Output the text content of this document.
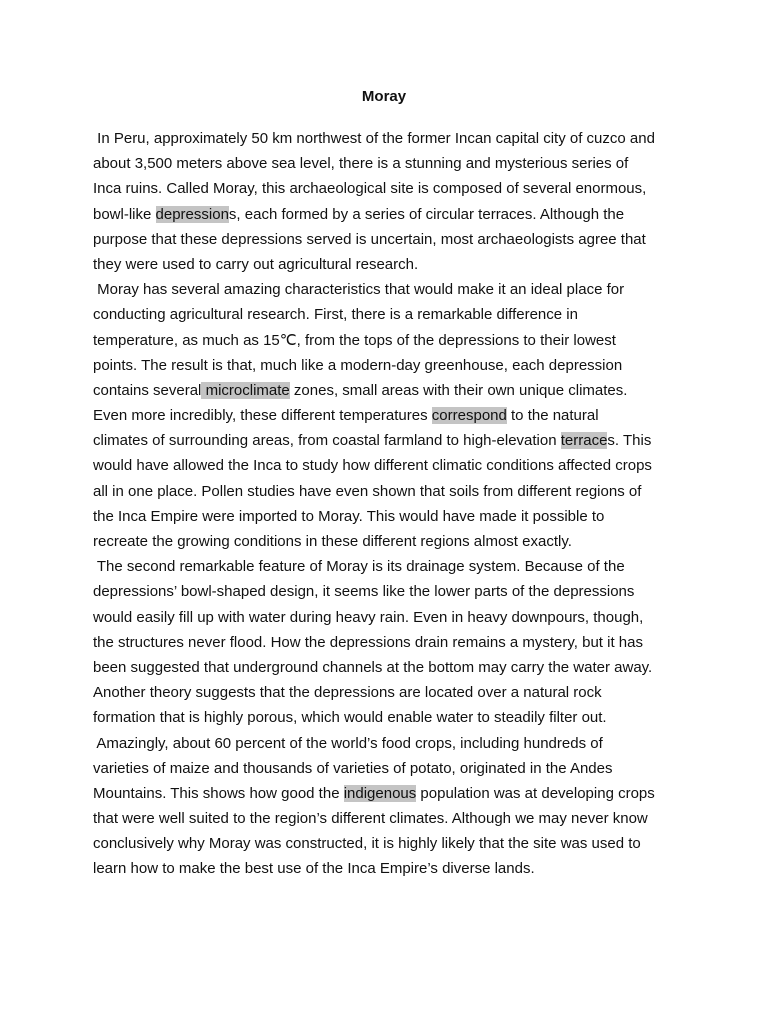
Moray
In Peru, approximately 50 km northwest of the former Incan capital city of cuzco and
about 3,500 meters above sea level, there is a stunning and mysterious series of
Inca ruins. Called Moray, this archaeological site is composed of several enormous,
bowl-like depressions, each formed by a series of circular terraces. Although the
purpose that these depressions served is uncertain, most archaeologists agree that
they were used to carry out agricultural research.
Moray has several amazing characteristics that would make it an ideal place for
conducting agricultural research. First, there is a remarkable difference in
temperature, as much as 15℃, from the tops of the depressions to their lowest
points. The result is that, much like a modern-day greenhouse, each depression
contains several microclimate zones, small areas with their own unique climates.
Even more incredibly, these different temperatures correspond to the natural
climates of surrounding areas, from coastal farmland to high-elevation terraces. This
would have allowed the Inca to study how different climatic conditions affected crops
all in one place. Pollen studies have even shown that soils from different regions of
the Inca Empire were imported to Moray. This would have made it possible to
recreate the growing conditions in these different regions almost exactly.
The second remarkable feature of Moray is its drainage system. Because of the
depressions’ bowl-shaped design, it seems like the lower parts of the depressions
would easily fill up with water during heavy rain. Even in heavy downpours, though,
the structures never flood. How the depressions drain remains a mystery, but it has
been suggested that underground channels at the bottom may carry the water away.
Another theory suggests that the depressions are located over a natural rock
formation that is highly porous, which would enable water to steadily filter out.
Amazingly, about 60 percent of the world’s food crops, including hundreds of
varieties of maize and thousands of varieties of potato, originated in the Andes
Mountains. This shows how good the indigenous population was at developing crops
that were well suited to the region’s different climates. Although we may never know
conclusively why Moray was constructed, it is highly likely that the site was used to
learn how to make the best use of the Inca Empire’s diverse lands.
